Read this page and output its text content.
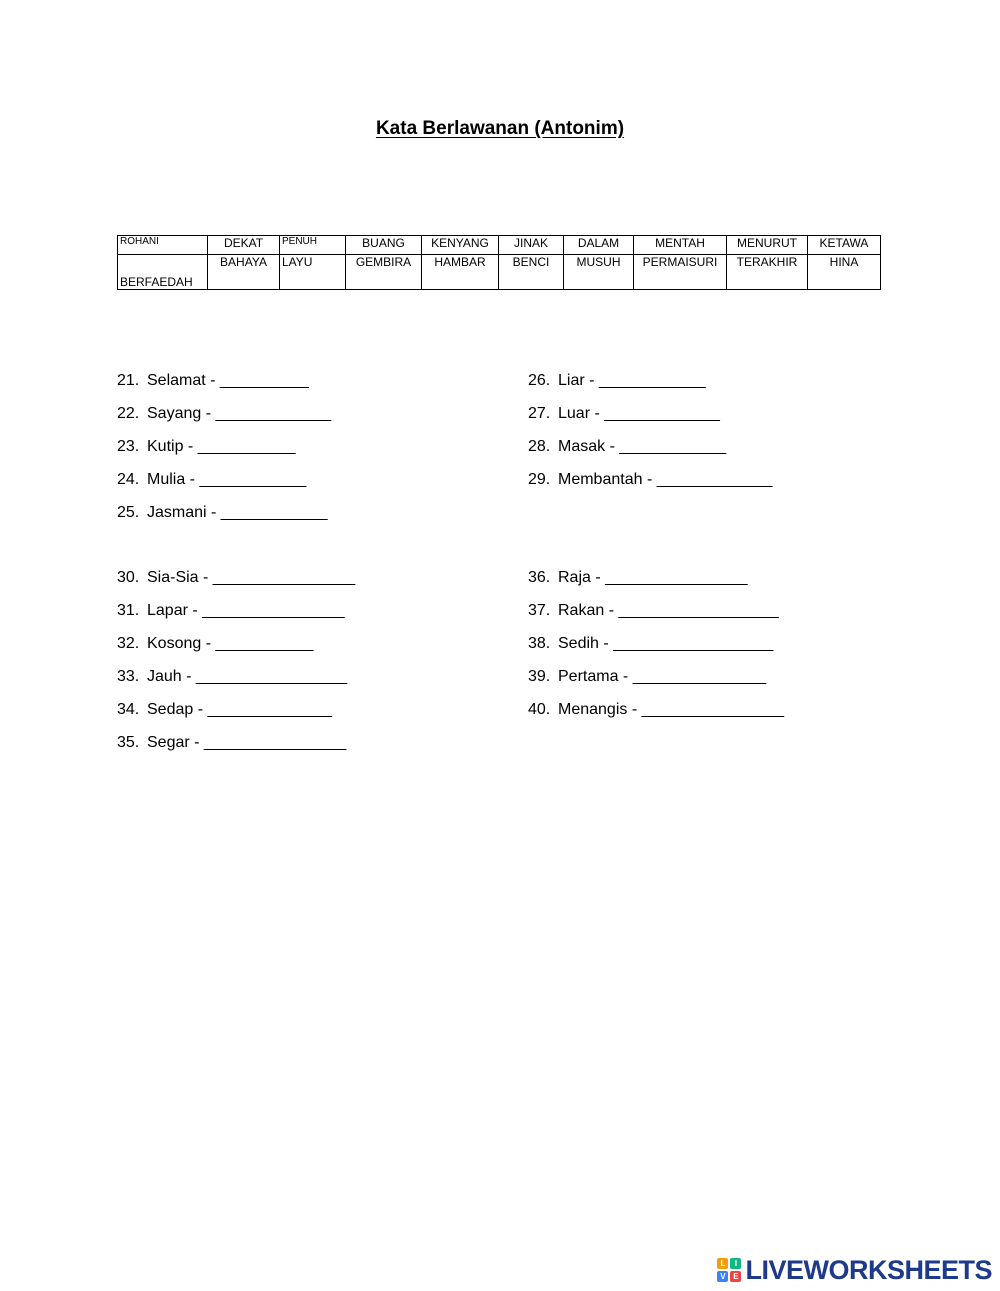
Kata Berlawanan (Antonim)
ROHANI	DEKAT	PENUH	BUANG	KENYANG	JINAK	DALAM	MENTAH	MENURUT	KETAWA
BERFAEDAH	BAHAYA	LAYU	GEMBIRA	HAMBAR	BENCI	MUSUH	PERMAISURI	TERAKHIR	HINA
21. Selamat - __________
22. Sayang - _____________
23. Kutip - ___________
24. Mulia - ____________
25. Jasmani - ____________
26. Liar - ____________
27. Luar - _____________
28. Masak - ____________
29. Membantah - _____________
30. Sia-Sia - ________________
31. Lapar - ________________
32. Kosong - ___________
33. Jauh - _________________
34. Sedap - ______________
35. Segar - ________________
36. Raja - ________________
37. Rakan - __________________
38. Sedih - __________________
39. Pertama - _______________
40. Menangis - ________________
L	I
V E LIVEWORKSHEETS
